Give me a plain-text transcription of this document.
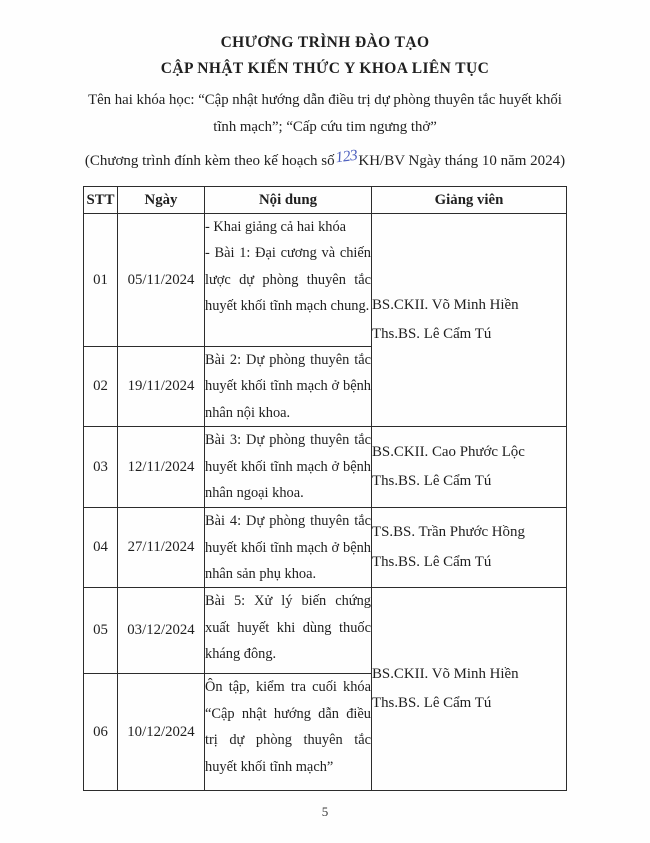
CHƯƠNG TRÌNH ĐÀO TẠO
CẬP NHẬT KIẾN THỨC Y KHOA LIÊN TỤC
Tên hai khóa học: “Cập nhật hướng dẫn điều trị dự phòng thuyên tắc huyết khối tĩnh mạch”; “Cấp cứu tim ngưng thở”
(Chương trình đính kèm theo kế hoạch số123KH/BV Ngày tháng 10 năm 2024)
STT	Ngày	Nội dung	Giảng viên
01	05/11/2024	
- Khai giảng cả hai khóa
- Bài 1: Đại cương và chiến lược dự phòng thuyên tắc huyết khối tĩnh mạch chung.	BS.CKII. Võ Minh Hiền
Ths.BS. Lê Cẩm Tú

02	19/11/2024	Bài 2: Dự phòng thuyên tắc huyết khối tĩnh mạch ở bệnh nhân nội khoa.	

03	12/11/2024	Bài 3: Dự phòng thuyên tắc huyết khối tĩnh mạch ở bệnh nhân ngoại khoa.	BS.CKII. Cao Phước Lộc
Ths.BS. Lê Cẩm Tú

04	27/11/2024	Bài 4: Dự phòng thuyên tắc huyết khối tĩnh mạch ở bệnh nhân sản phụ khoa.	TS.BS. Trần Phước Hồng
Ths.BS. Lê Cẩm Tú

05	03/12/2024	Bài 5: Xử lý biến chứng xuất huyết khi dùng thuốc kháng đông.	BS.CKII. Võ Minh Hiền
Ths.BS. Lê Cẩm Tú

06	10/12/2024	Ôn tập, kiểm tra cuối khóa “Cập nhật hướng dẫn điều trị dự phòng thuyên tắc huyết khối tĩnh mạch”	
5
